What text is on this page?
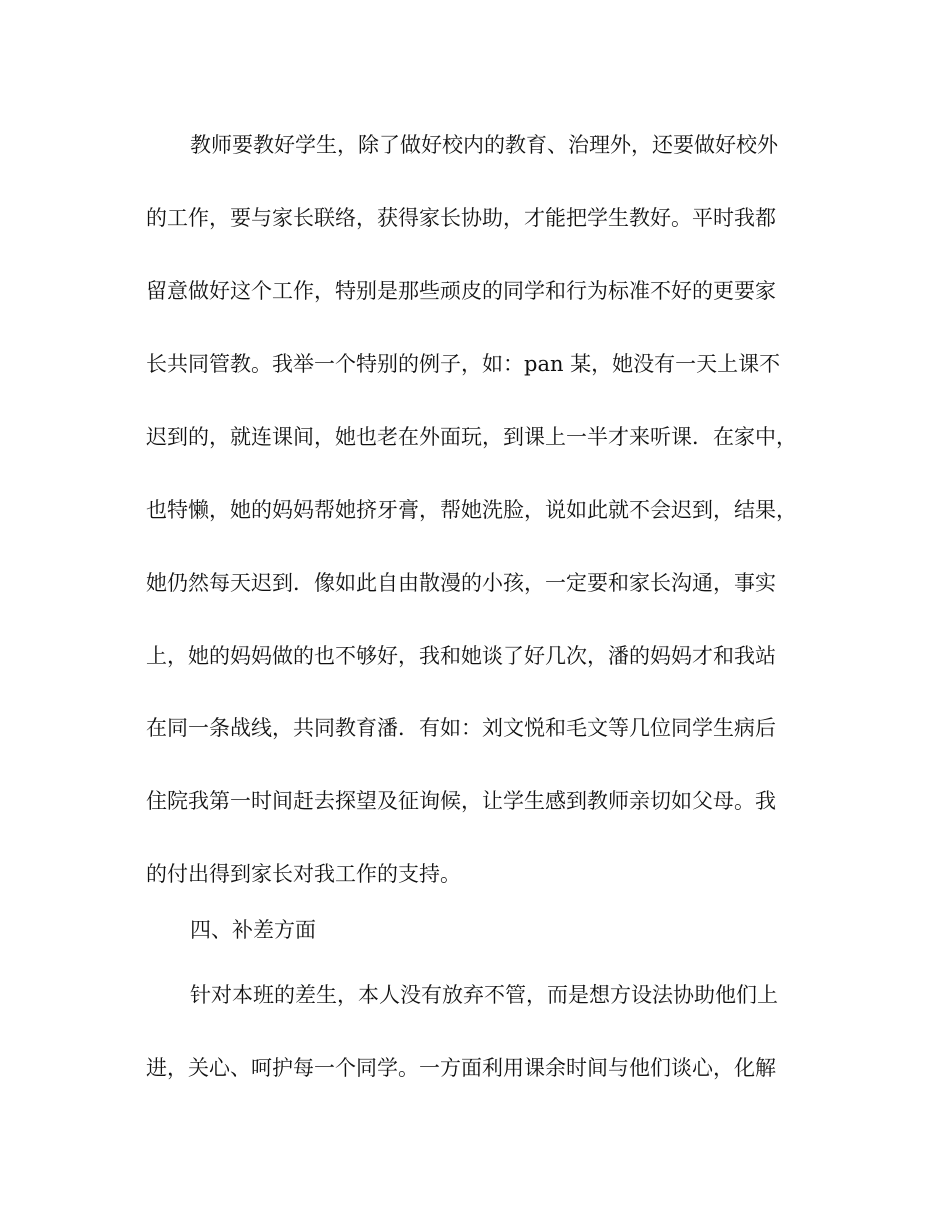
教师要教好学生，除了做好校内的教育、治理外，还要做好校外
的工作，要与家长联络，获得家长协助，才能把学生教好。平时我都
留意做好这个工作，特别是那些顽皮的同学和行为标准不好的更要家
长共同管教。我举一个特别的例子，如：pan 某，她没有一天上课不
迟到的，就连课间，她也老在外面玩，到课上一半才来听课．在家中，
也特懒，她的妈妈帮她挤牙膏，帮她洗脸，说如此就不会迟到，结果，
她仍然每天迟到．像如此自由散漫的小孩，一定要和家长沟通，事实
上，她的妈妈做的也不够好，我和她谈了好几次，潘的妈妈才和我站
在同一条战线，共同教育潘．有如：刘文悦和毛文等几位同学生病后
住院我第一时间赶去探望及征询候，让学生感到教师亲切如父母。我
的付出得到家长对我工作的支持。
四、补差方面
针对本班的差生，本人没有放弃不管，而是想方设法协助他们上
进，关心、呵护每一个同学。一方面利用课余时间与他们谈心，化解
